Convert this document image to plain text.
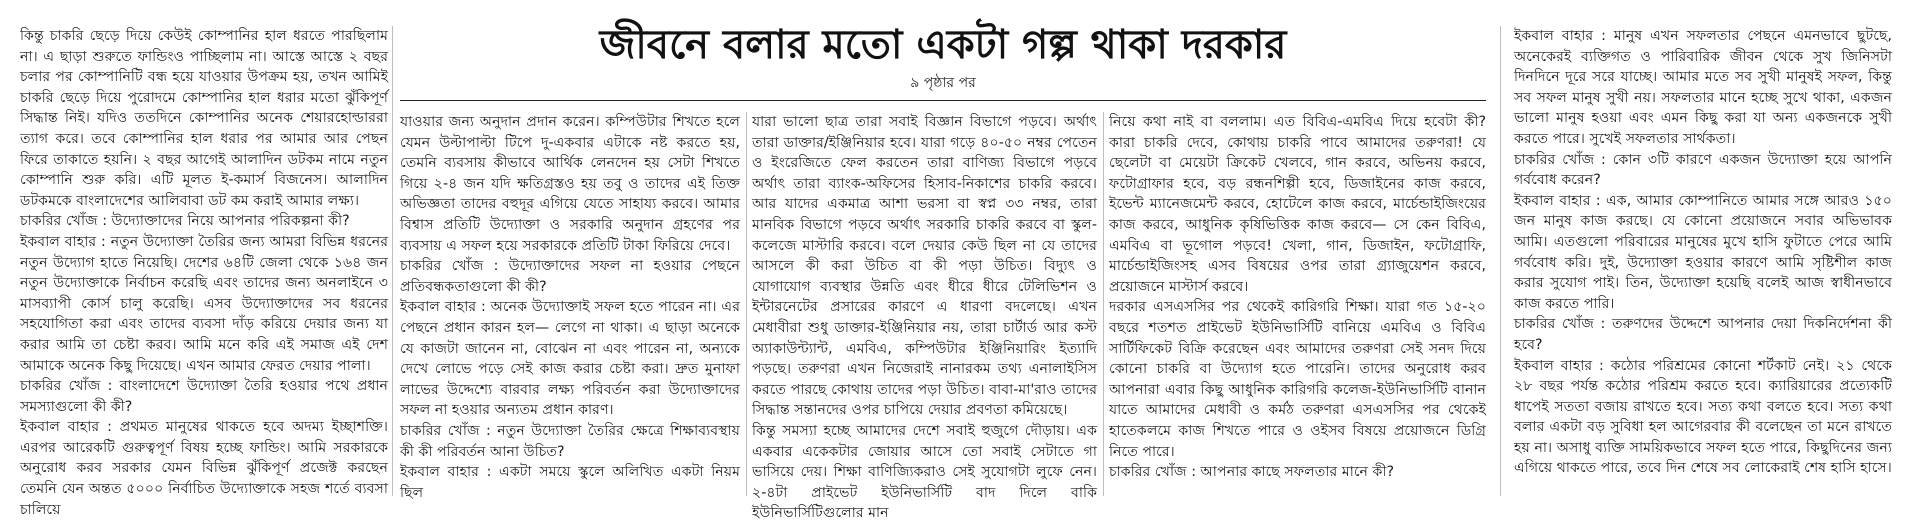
কিন্তু চাকরি ছেড়ে দিয়ে কেউই কোম্পানির হাল ধরতে পারছিলাম না। এ ছাড়া শুরুতে ফান্ডিংও পাচ্ছিলাম না। আস্তে আস্তে ২ বছর চলার পর কোম্পানিটি বন্ধ হয়ে যাওয়ার উপক্রম হয়, তখন আমিই চাকরি ছেড়ে দিয়ে পুরোদমে কোম্পানির হাল ধরার মতো ঝুঁকিপূর্ণ সিদ্ধান্ত নিই। যদিও ততদিনে কোম্পানির অনেক শেয়ারহোল্ডাররা ত্যাগ করে। তবে কোম্পানির হাল ধরার পর আমার আর পেছন ফিরে তাকাতে হয়নি। ২ বছর আগেই আলাদিন ডটকম নামে নতুন কোম্পানি শুরু করি। এটি মূলত ই-কমার্স বিজনেস। আলাদিন ডটকমকে বাংলাদেশের আলিবাবা ডট কম করাই আমার লক্ষ্য।

চাকরির খোঁজ : উদ্যোক্তাদের নিয়ে আপনার পরিকল্পনা কী?

ইকবাল বাহার : নতুন উদ্যোক্তা তৈরির জন্য আমরা বিভিন্ন ধরনের নতুন উদ্যোগ হাতে নিয়েছি। দেশের ৬৪টি জেলা থেকে ১৬৪ জন নতুন উদ্যোক্তাকে নির্বাচন করেছি এবং তাদের জন্য অনলাইনে ৩ মাসব্যাপী কোর্স চালু করেছি। এসব উদ্যোক্তাদের সব ধরনের সহযোগিতা করা এবং তাদের ব্যবসা দাঁড় করিয়ে দেয়ার জন্য যা করার আমি তা চেষ্টা করব। আমি মনে করি এই সমাজ এই দেশ আমাকে অনেক কিছু দিয়েছে। এখন আমার ফেরত দেয়ার পালা।

চাকরির খোঁজ : বাংলাদেশে উদ্যোক্তা তৈরি হওয়ার পথে প্রধান সমস্যাগুলো কী কী?

ইকবাল বাহার : প্রথমত মানুষের থাকতে হবে অদম্য ইচ্ছাশক্তি। এরপর আরেকটি গুরুত্বপূর্ণ বিষয় হচ্ছে ফান্ডিং। আমি সরকারকে অনুরোধ করব সরকার যেমন বিভিন্ন ঝুঁকিপূর্ণ প্রজেক্ট করছেন তেমনি যেন অন্তত ৫০০০ নির্বাচিত উদ্যোক্তাকে সহজ শর্তে ব্যবসা চালিয়ে

জীবনে বলার মতো একটা গল্প থাকা দরকার
৯ পৃষ্ঠার পর

যাওয়ার জন্য অনুদান প্রদান করেন। কম্পিউটার শিখতে হলে যেমন উল্টাপাল্টা টিপে দু-একবার এটাকে নষ্ট করতে হয়, তেমনি ব্যবসায় কীভাবে আর্থিক লেনদেন হয় সেটা শিখতে গিয়ে ২-৪ জন যদি ক্ষতিগ্রস্তও হয় তবু ও তাদের এই তিক্ত অভিজ্ঞতা তাদের বহুদূর এগিয়ে যেতে সাহায্য করবে। আমার বিশ্বাস প্রতিটি উদ্যোক্তা ও সরকারি অনুদান গ্রহণের পর ব্যবসায় এ সফল হয়ে সরকারকে প্রতিটি টাকা ফিরিয়ে দেবে।

চাকরির খোঁজ : উদ্যোক্তাদের সফল না হওয়ার পেছনে প্রতিবন্ধকতাগুলো কী কী?

ইকবাল বাহার : অনেক উদ্যোক্তাই সফল হতে পারেন না। এর পেছনে প্রধান কারন হল— লেগে না থাকা। এ ছাড়া অনেকে যে কাজটা জানেন না, বোঝেন না এবং পারেন না, অন্যকে দেখে লোভে পড়ে সেই কাজ করার চেষ্টা করা। দ্রুত মুনাফা লাভের উদ্দেশ্যে বারবার লক্ষ্য পরিবর্তন করা উদ্যোক্তাদের সফল না হওয়ার অন্যতম প্রধান কারণ।

চাকরির খোঁজ : নতুন উদ্যোক্তা তৈরির ক্ষেত্রে শিক্ষাব্যবস্থায় কী কী পরিবর্তন আনা উচিত?

ইকবাল বাহার : একটা সময়ে স্কুলে অলিখিত একটা নিয়ম ছিল

যারা ভালো ছাত্র তারা সবাই বিজ্ঞান বিভাগে পড়বে। অর্থাৎ তারা ডাক্তার/ইঞ্জিনিয়ার হবে। যারা গড়ে ৪০-৫০ নম্বর পেতেন ও ইংরেজিতে ফেল করতেন তারা বাণিজ্য বিভাগে পড়বে অর্থাৎ তারা ব্যাংক-অফিসের হিসাব-নিকাশের চাকরি করবে। আর যাদের একমাত্র আশা ভরসা বা স্বপ্ন ৩৩ নম্বর, তারা মানবিক বিভাগে পড়বে অর্থাৎ সরকারি চাকরি করবে বা স্কুল-কলেজে মাস্টারি করবে। বলে দেয়ার কেউ ছিল না যে তাদের আসলে কী করা উচিত বা কী পড়া উচিত। বিদ্যুৎ ও যোগাযোগ ব্যবস্থার উন্নতি এবং ধীরে ধীরে টেলিভিশন ও ইন্টারনেটের প্রসারের কারণে এ ধারণা বদলেছে। এখন মেধাবীরা শুধু ডাক্তার-ইঞ্জিনিয়ার নয়, তারা চার্টার্ড আর কস্ট অ্যাকাউন্ট্যান্ট, এমবিএ, কম্পিউটার ইঞ্জিনিয়ারিং ইত্যাদি পড়ছে। তরুণরা এখন নিজেরাই নানারকম তথ্য এনালাইসিস করতে পারছে কোথায় তাদের পড়া উচিত। বাবা-মা'রাও তাদের সিদ্ধান্ত সন্তানদের ওপর চাপিয়ে দেয়ার প্রবণতা কমিয়েছে।

কিন্তু সমস্যা হচ্ছে আমাদের দেশে সবাই হুজুগে দৌড়ায়। এক একবার একেকটার জোয়ার আসে তো সবাই সেটাতে গা ভাসিয়ে দেয়। শিক্ষা বাণিজ্যিকরাও সেই সুযোগটা লুফে নেন। ২-৪টা প্রাইভেট ইউনিভার্সিটি বাদ দিলে বাকি ইউনিভার্সিটিগুলোর মান

নিয়ে কথা নাই বা বললাম। এত বিবিএ-এমবিএ দিয়ে হবেটা কী? কারা চাকরি দেবে, কোথায় চাকরি পাবে আমাদের তরুণরা! যে ছেলেটা বা মেয়েটা ক্রিকেট খেলবে, গান করবে, অভিনয় করবে, ফটোগ্রাফার হবে, বড় রন্ধনশিল্পী হবে, ডিজাইনের কাজ করবে, ইভেন্ট ম্যানেজমেন্ট করবে, হোটেলে কাজ করবে, মার্চেন্ডাইজিংয়ের কাজ করবে, আধুনিক কৃষিভিত্তিক কাজ করবে— সে কেন বিবিএ, এমবিএ বা ভূগোল পড়বে! খেলা, গান, ডিজাইন, ফটোগ্রাফি, মার্চেন্ডাইজিংসহ এসব বিষয়ের ওপর তারা গ্র্যাজুয়েশন করবে, প্রয়োজনে মাস্টার্স করবে।

দরকার এসএসসির পর থেকেই কারিগরি শিক্ষা। যারা গত ১৫-২০ বছরে শতশত প্রাইভেট ইউনিভার্সিটি বানিয়ে এমবিএ ও বিবিএ সার্টিফিকেট বিক্রি করেছেন এবং আমাদের তরুণরা সেই সনদ দিয়ে কোনো চাকরি বা উদ্যোগ হতে পারেনি। তাদের অনুরোধ করব আপনারা এবার কিছু আধুনিক কারিগরি কলেজ-ইউনিভার্সিটি বানান যাতে আমাদের মেধাবী ও কর্মঠ তরুণরা এসএসসির পর থেকেই হাতেকলমে কাজ শিখতে পারে ও ওইসব বিষয়ে প্রয়োজনে ডিগ্রি নিতে পারে।

চাকরির খোঁজ : আপনার কাছে সফলতার মানে কী?

ইকবাল বাহার : মানুষ এখন সফলতার পেছনে এমনভাবে ছুটছে, অনেকেরই ব্যক্তিগত ও পারিবারিক জীবন থেকে সুখ জিনিসটা দিনদিনে দূরে সরে যাচ্ছে। আমার মতে সব সুখী মানুষই সফল, কিন্তু সব সফল মানুষ সুখী নয়। সফলতার মানে হচ্ছে সুখে থাকা, একজন ভালো মানুষ হওয়া এবং এমন কিছু করা যা অন্য একজনকে সুখী করতে পারে। সুখেই সফলতার সার্থকতা।

চাকরির খোঁজ : কোন ৩টি কারণে একজন উদ্যোক্তা হয়ে আপনি গর্ববোধ করেন?

ইকবাল বাহার : এক, আমার কোম্পানিতে আমার সঙ্গে আরও ১৫০ জন মানুষ কাজ করছে। যে কোনো প্রয়োজনে সবার অভিভাবক আমি। এতগুলো পরিবারের মানুষের মুখে হাসি ফুটাতে পেরে আমি গর্ববোধ করি। দুই, উদ্যোক্তা হওয়ার কারণে আমি সৃষ্টিশীল কাজ করার সুযোগ পাই। তিন, উদ্যোক্তা হয়েছি বলেই আজ স্বাধীনভাবে কাজ করতে পারি।

চাকরির খোঁজ : তরুণদের উদ্দেশে আপনার দেয়া দিকনির্দেশনা কী হবে?

ইকবাল বাহার : কঠোর পরিশ্রমের কোনো শর্টকাট নেই। ২১ থেকে ২৮ বছর পর্যন্ত কঠোর পরিশ্রম করতে হবে। ক্যারিয়ারের প্রত্যেকটি ধাপেই সততা বজায় রাখতে হবে। সত্য কথা বলতে হবে। সত্য কথা বলার একটা বড় সুবিধা হল আগেরবার কী বলেছেন তা মনে রাখতে হয় না। অসাধু ব্যক্তি সাময়িকভাবে সফল হতে পারে, কিছুদিনের জন্য এগিয়ে থাকতে পারে, তবে দিন শেষে সব লোকেরাই শেষ হাসি হাসে।
